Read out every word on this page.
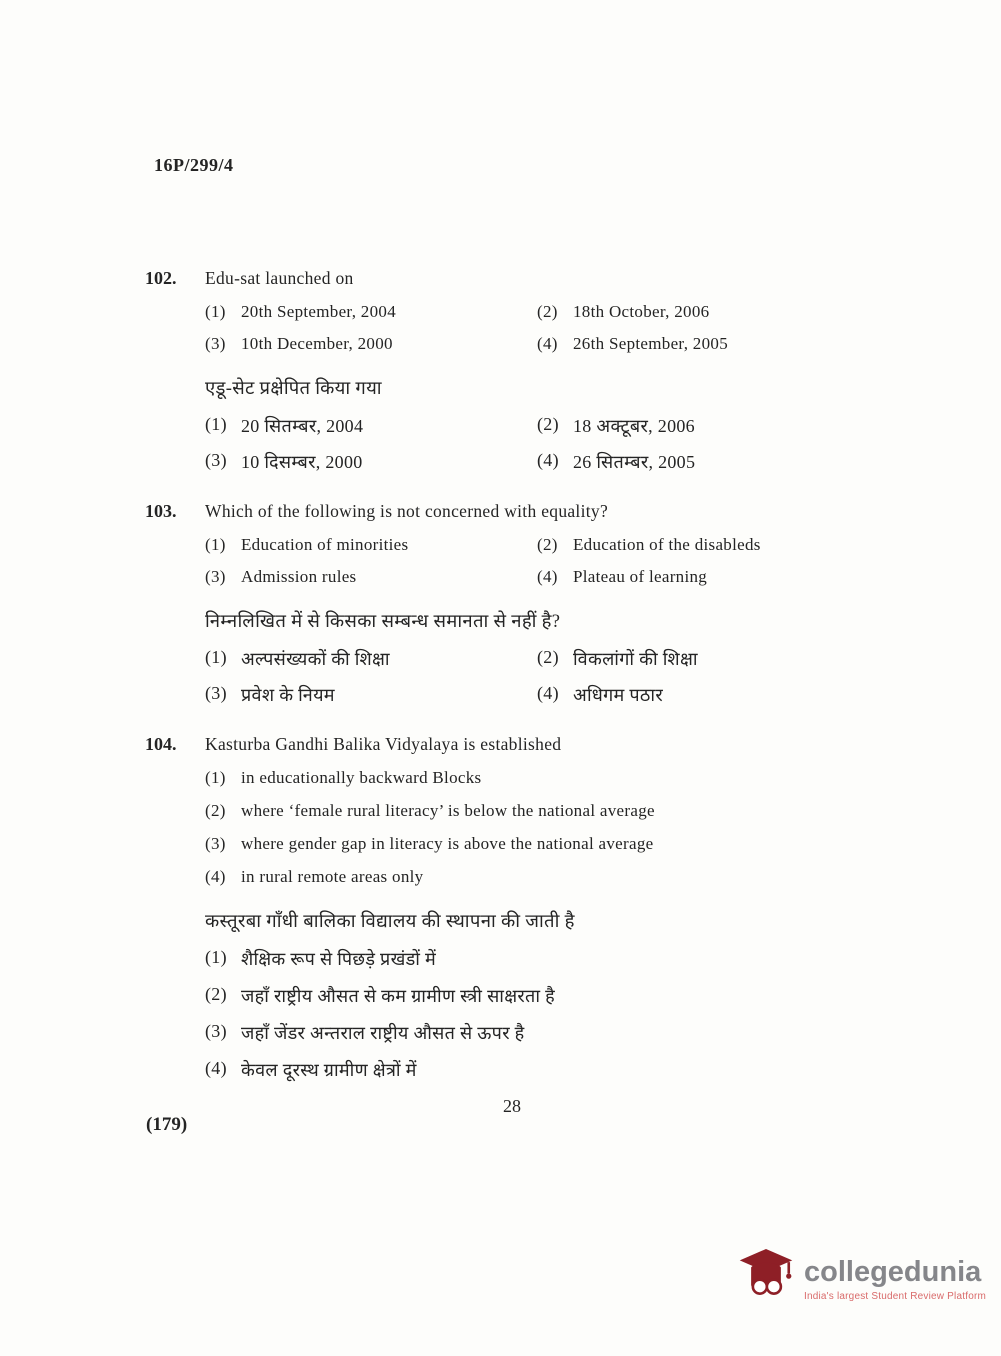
16P/299/4
102.	Edu-sat launched on
(1) 20th September, 2004	(2) 18th October, 2006
(3) 10th December, 2000	(4) 26th September, 2005
एडू-सेट प्रक्षेपित किया गया
(1) 20 सितम्बर, 2004	(2) 18 अक्टूबर, 2006
(3) 10 दिसम्बर, 2000	(4) 26 सितम्बर, 2005
103.	Which of the following is not concerned with equality?
(1) Education of minorities	(2) Education of the disableds
(3) Admission rules	(4) Plateau of learning
निम्नलिखित में से किसका सम्बन्ध समानता से नहीं है?
(1) अल्पसंख्यकों की शिक्षा	(2) विकलांगों की शिक्षा
(3) प्रवेश के नियम	(4) अधिगम पठार
104.	Kasturba Gandhi Balika Vidyalaya is established
(1) in educationally backward Blocks
(2) where ‘female rural literacy’ is below the national average
(3) where gender gap in literacy is above the national average
(4) in rural remote areas only
कस्तूरबा गाँधी बालिका विद्यालय की स्थापना की जाती है
(1) शैक्षिक रूप से पिछड़े प्रखंडों में
(2) जहाँ राष्ट्रीय औसत से कम ग्रामीण स्त्री साक्षरता है
(3) जहाँ जेंडर अन्तराल राष्ट्रीय औसत से ऊपर है
(4) केवल दूरस्थ ग्रामीण क्षेत्रों में
28
(179)
collegedunia
India's largest Student Review Platform
